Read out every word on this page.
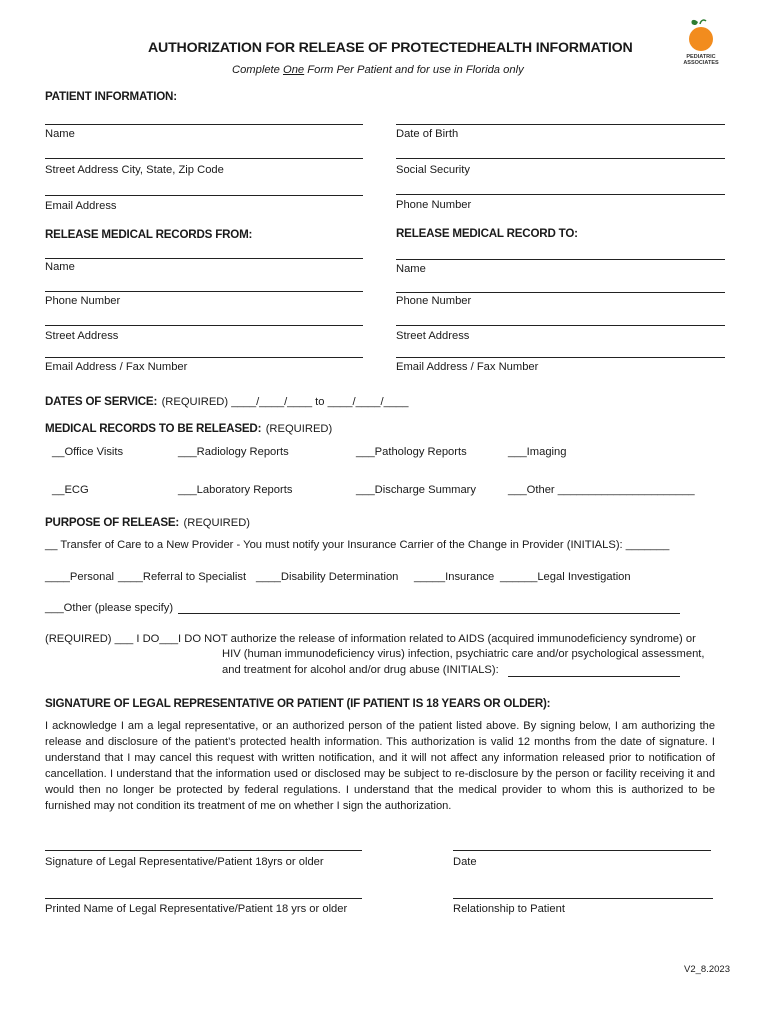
AUTHORIZATION FOR RELEASE OF PROTECTEDHEALTH INFORMATION
Complete One Form Per Patient and for use in Florida only
PEDIATRIC ASSOCIATES
PATIENT INFORMATION:
Name	Date of Birth
Street Address City, State, Zip Code	Social Security
Email Address	Phone Number
RELEASE MEDICAL RECORDS FROM:	RELEASE MEDICAL RECORD TO:
Name	Name
Phone Number	Phone Number
Street Address	Street Address
Email Address / Fax Number	Email Address / Fax Number
DATES OF SERVICE: (REQUIRED) ____/____/____ to ____/____/____
MEDICAL RECORDS TO BE RELEASED: (REQUIRED)
__Office Visits	___Radiology Reports	___Pathology Reports	___Imaging
__ECG	___Laboratory Reports	___Discharge Summary	___Other ______________________
PURPOSE OF RELEASE: (REQUIRED)
__ Transfer of Care to a New Provider - You must notify your Insurance Carrier of the Change in Provider (INITIALS): _______
____Personal ____Referral to Specialist ____Disability Determination _____Insurance ______Legal Investigation
___Other (please specify)
(REQUIRED) ___ I DO___I DO NOT authorize the release of information related to AIDS (acquired immunodeficiency syndrome) or
HIV (human immunodeficiency virus) infection, psychiatric care and/or psychological assessment,
and treatment for alcohol and/or drug abuse (INITIALS):
SIGNATURE OF LEGAL REPRESENTATIVE OR PATIENT (IF PATIENT IS 18 YEARS OR OLDER):
I acknowledge I am a legal representative, or an authorized person of the patient listed above. By signing below, I am authorizing the release and disclosure of the patient’s protected health information. This authorization is valid 12 months from the date of signature. I understand that I may cancel this request with written notification, and it will not affect any information released prior to notification of cancellation. I understand that the information used or disclosed may be subject to re-disclosure by the person or facility receiving it and would then no longer be protected by federal regulations. I understand that the medical provider to whom this is authorized to be furnished may not condition its treatment of me on whether I sign the authorization.
Signature of Legal Representative/Patient 18yrs or older	Date
Printed Name of Legal Representative/Patient 18 yrs or older	Relationship to Patient
V2_8.2023
